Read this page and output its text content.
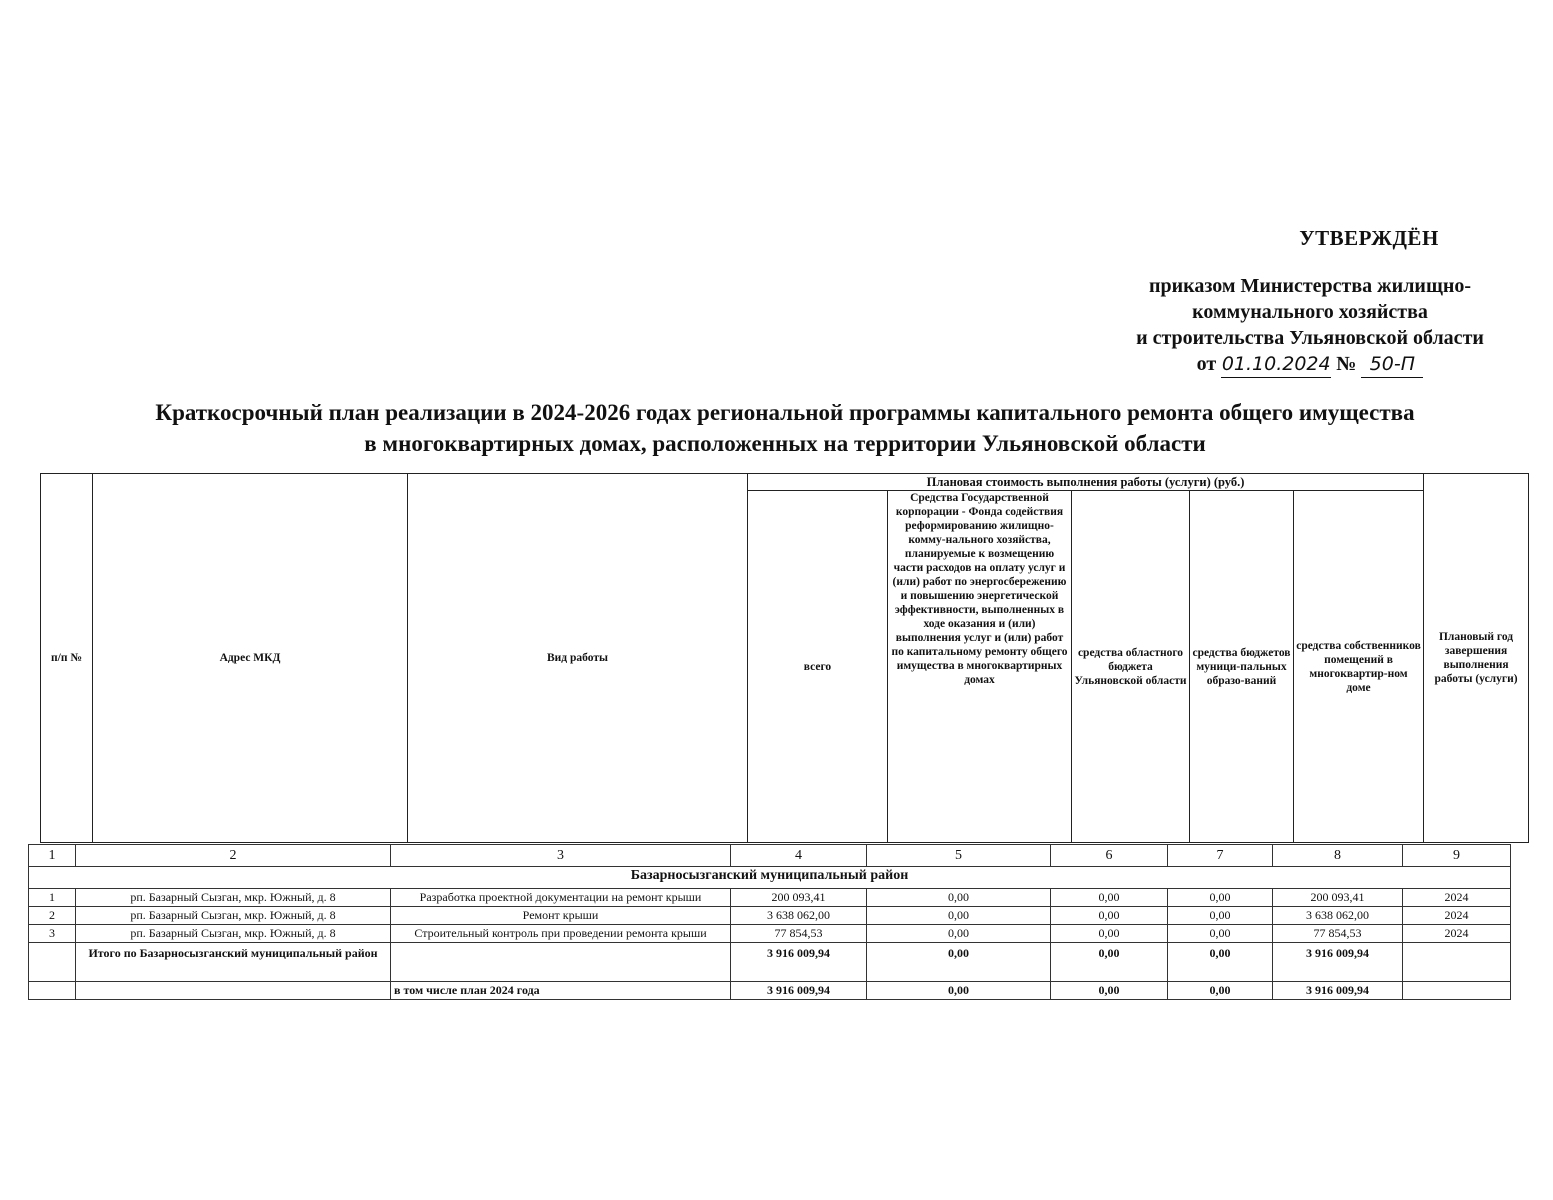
УТВЕРЖДЁН
приказом Министерства жилищно-
коммунального хозяйства
и строительства Ульяновской области
от 01.10.2024 № 50-П
Краткосрочный план реализации в 2024-2026 годах региональной программы капитального ремонта общего имущества
в многоквартирных домах, расположенных на территории Ульяновской области
п/п №	Адрес МКД	Вид работы	Плановая стоимость выполнения работы (услуги) (руб.)					Плановый год завершения выполнения работы (услуги)
			всего	Средства Государственной корпорации - Фонда содействия реформированию жилищно-комму-нального хозяйства, планируемые к возмещению части расходов на оплату услуг и (или) работ по энергосбережению и повышению энергетической эффективности, выполненных в ходе оказания и (или) выполнения услуг и (или) работ по капитальному ремонту общего имущества в многоквартирных домах	средства областного бюджета Ульяновской области	средства бюджетов муници-пальных образо-ваний	средства собственников помещений в многоквартир-ном доме	
1	2	3	4	5	6	7	8	9
Базарносызганский муниципальный район								
1	рп. Базарный Сызган, мкр. Южный, д. 8	Разработка проектной документации на ремонт крыши	200 093,41	0,00	0,00	0,00	200 093,41	2024
2	рп. Базарный Сызган, мкр. Южный, д. 8	Ремонт крыши	3 638 062,00	0,00	0,00	0,00	3 638 062,00	2024
3	рп. Базарный Сызган, мкр. Южный, д. 8	Строительный контроль при проведении ремонта крыши	77 854,53	0,00	0,00	0,00	77 854,53	2024
	Итого по Базарносызганский муниципальный район		3 916 009,94	0,00	0,00	0,00	3 916 009,94	
		в том числе план 2024 года	3 916 009,94	0,00	0,00	0,00	3 916 009,94	
